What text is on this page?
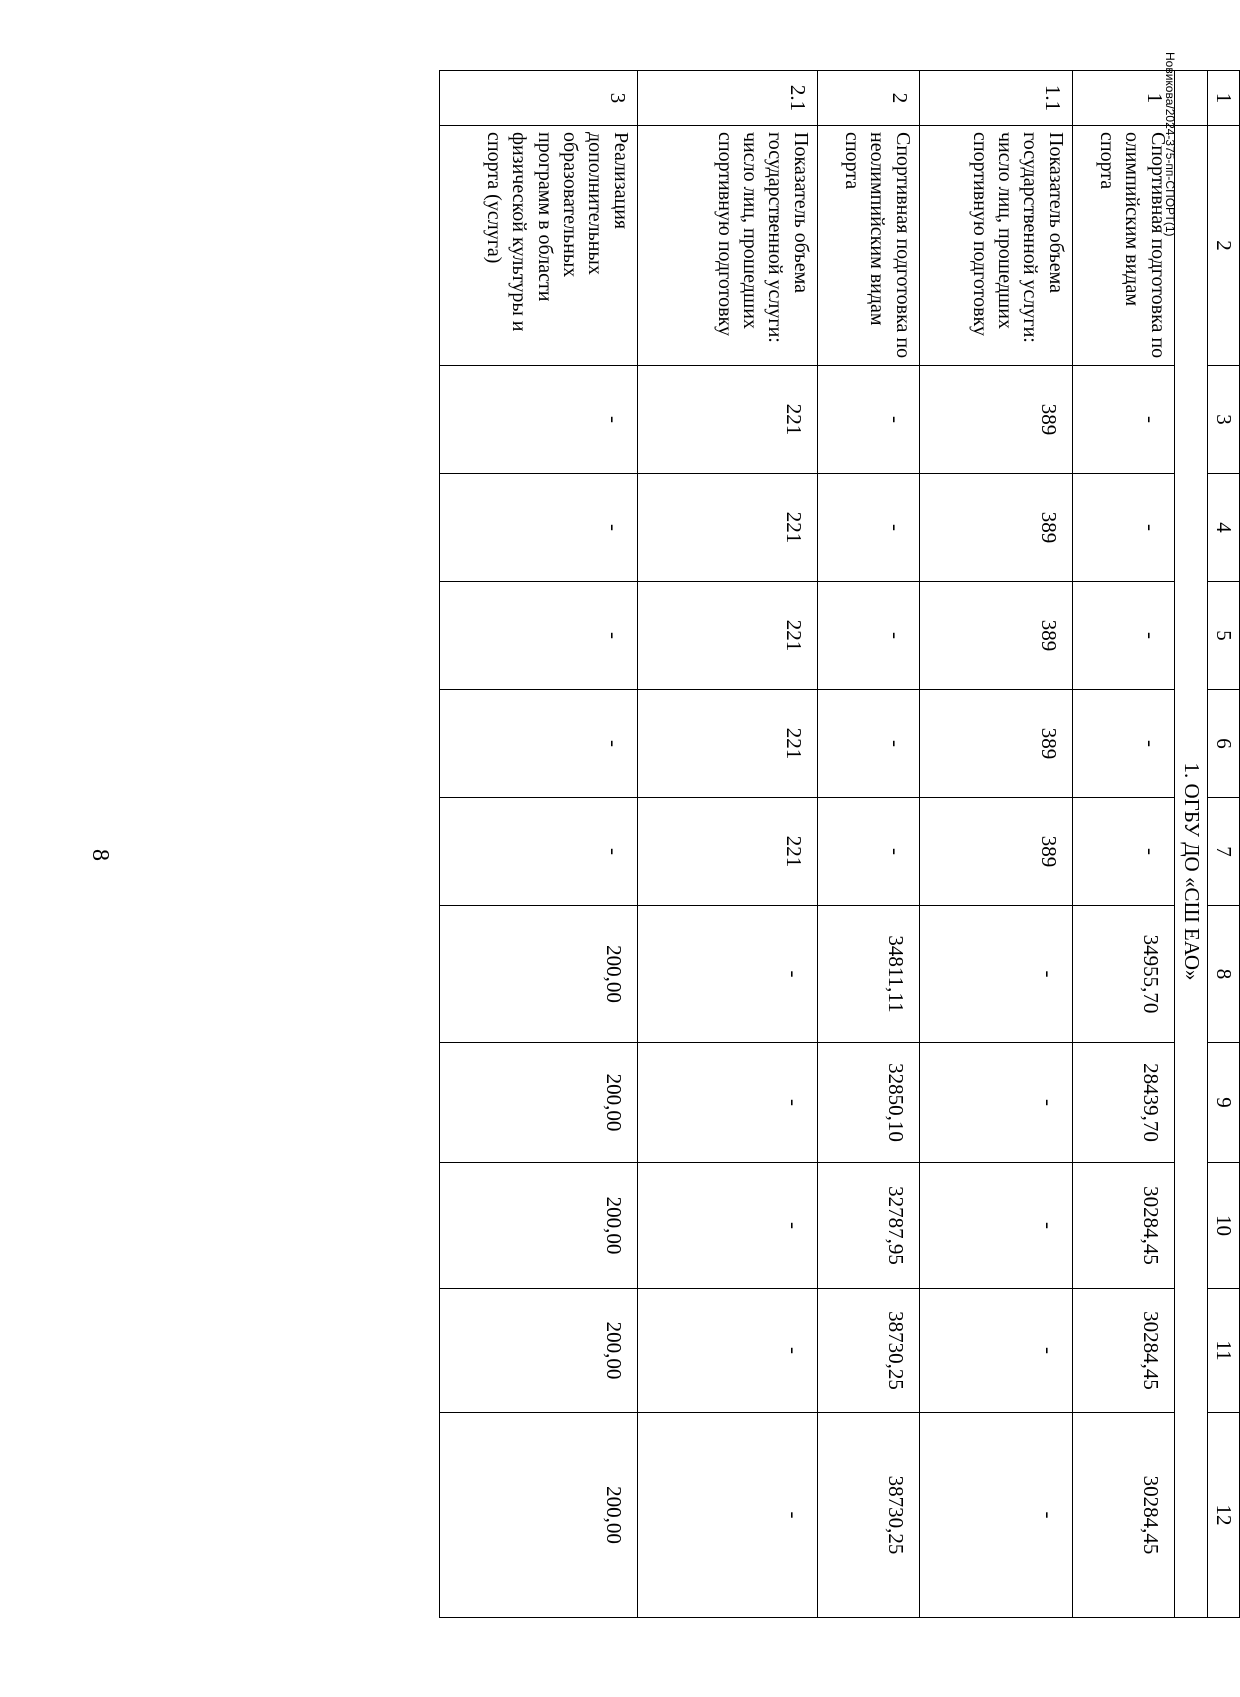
8
Новикова/2024-375-пп-СПОРТ(1) 1	2	3	4	5	6	7	8	9	10	11	12
	1. ОГБУ ДО «СШ ЕАО»										
1	Спортивная подготовка по олимпийским видам спорта	-	-	-	-	-	34955,70	28439,70	30284,45	30284,45	30284,45
1.1	Показатель объема государственной услуги: число лиц, прошедших спортивную подготовку	389	389	389	389	389	-	-	-	-	-
2	Спортивная подготовка по неолимпийским видам спорта	-	-	-	-	-	34811,11	32850,10	32787,95	38730,25	38730,25
2.1	Показатель объема государственной услуги: число лиц, прошедших спортивную подготовку	221	221	221	221	221	-	-	-	-	-
3	Реализация дополнительных образовательных программ в области физической культуры и спорта (услуга)	-	-	-	-	-	200,00	200,00	200,00	200,00	200,00
